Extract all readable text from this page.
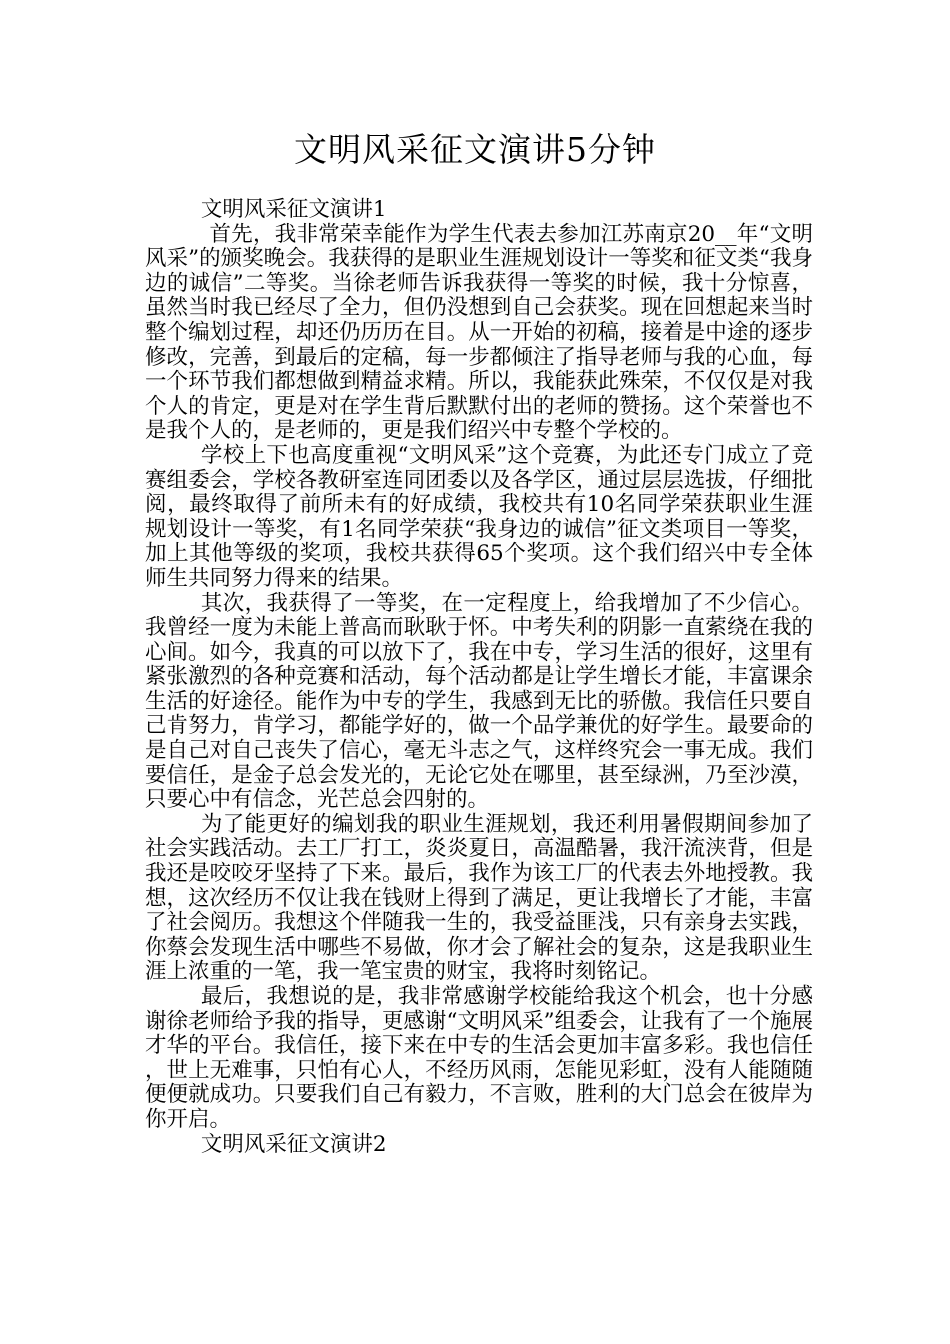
文明风采征文演讲5分钟

文明风采征文演讲1

首先，我非常荣幸能作为学生代表去参加江苏南京20__年“文明风采”的颁奖晚会。我获得的是职业生涯规划设计一等奖和征文类“我身边的诚信”二等奖。当徐老师告诉我获得一等奖的时候，我十分惊喜，虽然当时我已经尽了全力，但仍没想到自己会获奖。现在回想起来当时整个编划过程，却还仍历历在目。从一开始的初稿，接着是中途的逐步修改，完善，到最后的定稿，每一步都倾注了指导老师与我的心血，每一个环节我们都想做到精益求精。所以，我能获此殊荣，不仅仅是对我个人的肯定，更是对在学生背后默默付出的老师的赞扬。这个荣誉也不是我个人的，是老师的，更是我们绍兴中专整个学校的。

学校上下也高度重视“文明风采”这个竞赛，为此还专门成立了竞赛组委会，学校各教研室连同团委以及各学区，通过层层选拔，仔细批阅，最终取得了前所未有的好成绩，我校共有10名同学荣获职业生涯规划设计一等奖，有1名同学荣获“我身边的诚信”征文类项目一等奖，加上其他等级的奖项，我校共获得65个奖项。这个我们绍兴中专全体师生共同努力得来的结果。

其次，我获得了一等奖，在一定程度上，给我增加了不少信心。我曾经一度为未能上普高而耿耿于怀。中考失利的阴影一直萦绕在我的心间。如今，我真的可以放下了，我在中专，学习生活的很好，这里有紧张激烈的各种竞赛和活动，每个活动都是让学生增长才能，丰富课余生活的好途径。能作为中专的学生，我感到无比的骄傲。我信任只要自己肯努力，肯学习，都能学好的，做一个品学兼优的好学生。最要命的是自己对自己丧失了信心，毫无斗志之气，这样终究会一事无成。我们要信任，是金子总会发光的，无论它处在哪里，甚至绿洲，乃至沙漠，只要心中有信念，光芒总会四射的。

为了能更好的编划我的职业生涯规划，我还利用暑假期间参加了社会实践活动。去工厂打工，炎炎夏日，高温酷暑，我汗流浃背，但是我还是咬咬牙坚持了下来。最后，我作为该工厂的代表去外地授教。我想，这次经历不仅让我在钱财上得到了满足，更让我增长了才能，丰富了社会阅历。我想这个伴随我一生的，我受益匪浅，只有亲身去实践，你蔡会发现生活中哪些不易做，你才会了解社会的复杂，这是我职业生涯上浓重的一笔，我一笔宝贵的财宝，我将时刻铭记。

最后，我想说的是，我非常感谢学校能给我这个机会，也十分感谢徐老师给予我的指导，更感谢“文明风采”组委会，让我有了一个施展才华的平台。我信任，接下来在中专的生活会更加丰富多彩。我也信任，世上无难事，只怕有心人，不经历风雨，怎能见彩虹，没有人能随随便便就成功。只要我们自己有毅力，不言败，胜利的大门总会在彼岸为你开启。

文明风采征文演讲2
